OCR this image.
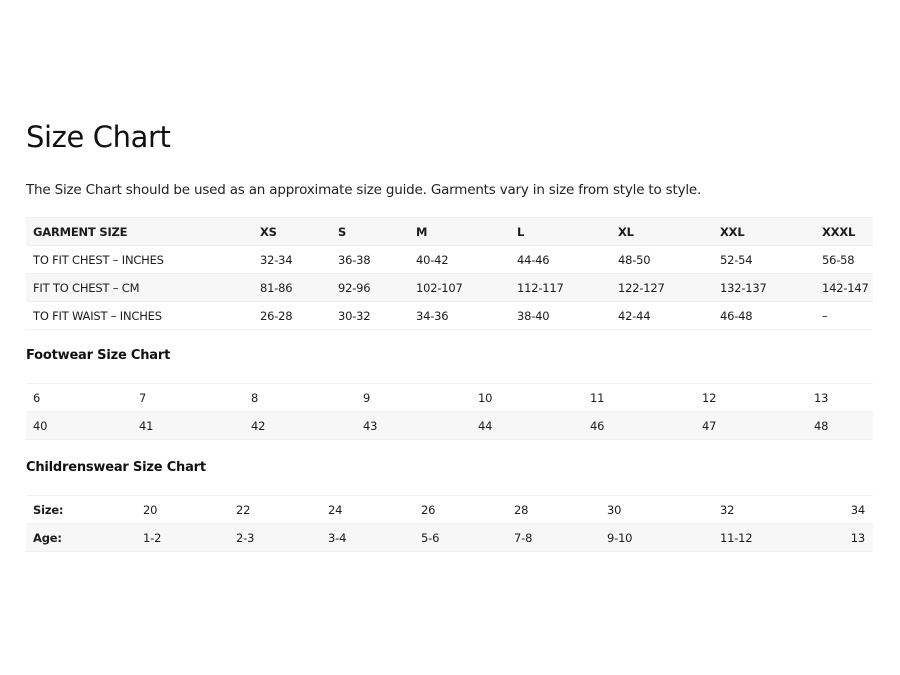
Size Chart

The Size Chart should be used as an approximate size guide. Garments vary in size from style to style.

GARMENT SIZE	XS	S	M	L	XL	XXL	XXXL
TO FIT CHEST – INCHES	32-34	36-38	40-42	44-46	48-50	52-54	56-58
FIT TO CHEST – CM	81-86	92-96	102-107	112-117	122-127	132-137	142-147
TO FIT WAIST – INCHES	26-28	30-32	34-36	38-40	42-44	46-48	–
Footwear Size Chart
6	7	8	9	10	11	12	13
40	41	42	43	44	46	47	48
Childrenswear Size Chart
Size:	20	22	24	26	28	30	32	34
Age:	1-2	2-3	3-4	5-6	7-8	9-10	11-12	13
